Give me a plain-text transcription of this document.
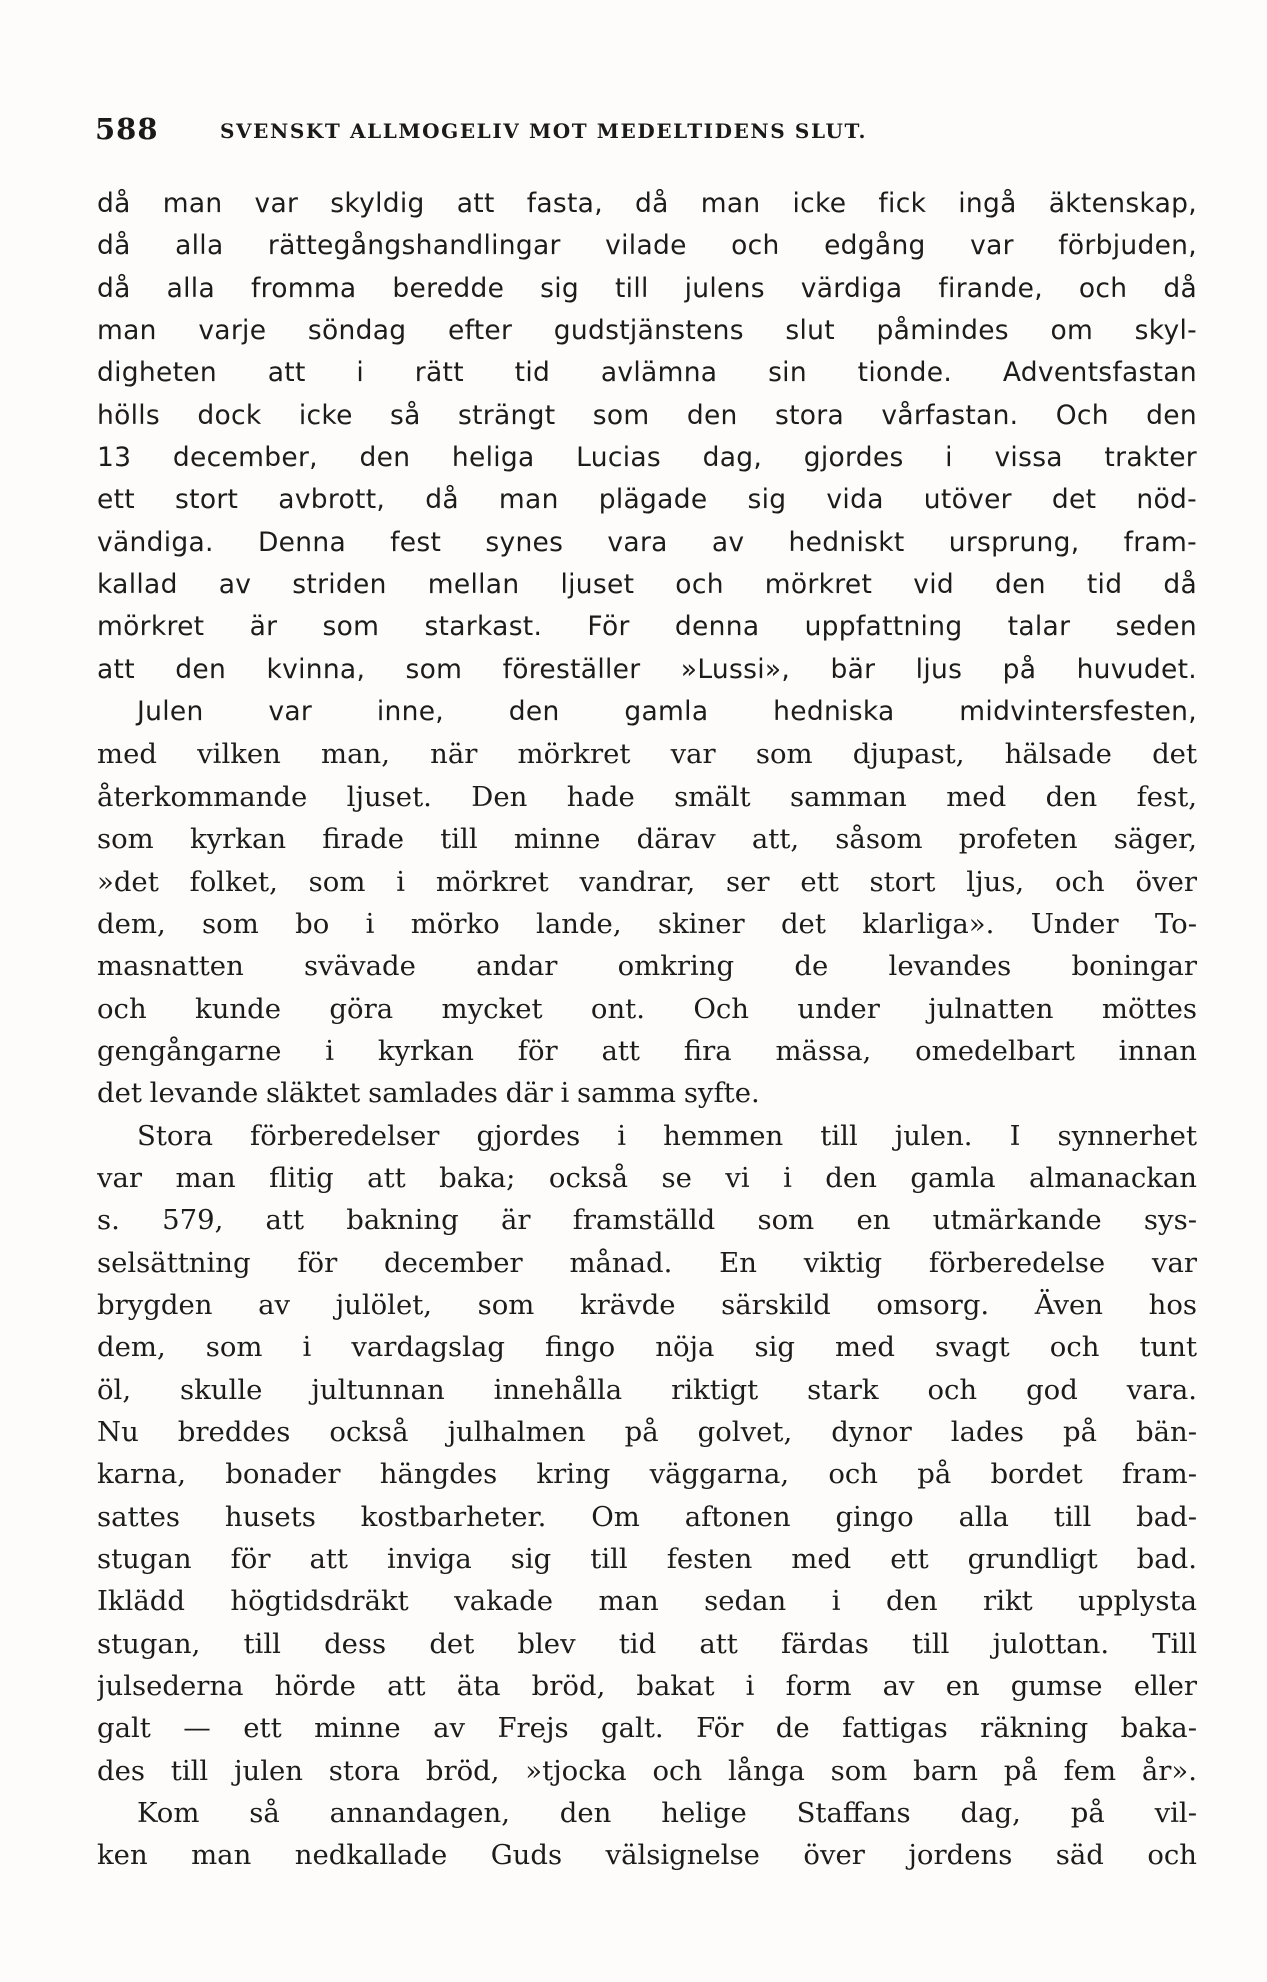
588	SVENSKT ALLMOGELIV MOT MEDELTIDENS SLUT.
då man var skyldig att fasta, då man icke fick ingå äktenskap,
då alla rättegångshandlingar vilade och edgång var förbjuden,
då alla fromma beredde sig till julens värdiga firande, och då
man varje söndag efter gudstjänstens slut påmindes om skyl-
digheten att i rätt tid avlämna sin tionde. Adventsfastan
hölls dock icke så strängt som den stora vårfastan. Och den
13 december, den heliga Lucias dag, gjordes i vissa trakter
ett stort avbrott, då man plägade sig vida utöver det nöd-
vändiga. Denna fest synes vara av hedniskt ursprung, fram-
kallad av striden mellan ljuset och mörkret vid den tid då
mörkret är som starkast. För denna uppfattning talar seden
att den kvinna, som föreställer »Lussi», bär ljus på huvudet.
Julen var inne, den gamla hedniska midvintersfesten,
med vilken man, när mörkret var som djupast, hälsade det
återkommande ljuset. Den hade smält samman med den fest,
som kyrkan firade till minne därav att, såsom profeten säger,
»det folket, som i mörkret vandrar, ser ett stort ljus, och över
dem, som bo i mörko lande, skiner det klarliga». Under To-
masnatten svävade andar omkring de levandes boningar
och kunde göra mycket ont. Och under julnatten möttes
gengångarne i kyrkan för att fira mässa, omedelbart innan
det levande släktet samlades där i samma syfte.
Stora förberedelser gjordes i hemmen till julen. I synnerhet
var man flitig att baka; också se vi i den gamla almanackan
s. 579, att bakning är framställd som en utmärkande sys-
selsättning för december månad. En viktig förberedelse var
brygden av julölet, som krävde särskild omsorg. Även hos
dem, som i vardagslag fingo nöja sig med svagt och tunt
öl, skulle jultunnan innehålla riktigt stark och god vara.
Nu breddes också julhalmen på golvet, dynor lades på bän-
karna, bonader hängdes kring väggarna, och på bordet fram-
sattes husets kostbarheter. Om aftonen gingo alla till bad-
stugan för att inviga sig till festen med ett grundligt bad.
Iklädd högtidsdräkt vakade man sedan i den rikt upplysta
stugan, till dess det blev tid att färdas till julottan. Till
julsederna hörde att äta bröd, bakat i form av en gumse eller
galt — ett minne av Frejs galt. För de fattigas räkning baka-
des till julen stora bröd, »tjocka och långa som barn på fem år».
Kom så annandagen, den helige Staffans dag, på vil-
ken man nedkallade Guds välsignelse över jordens säd och
